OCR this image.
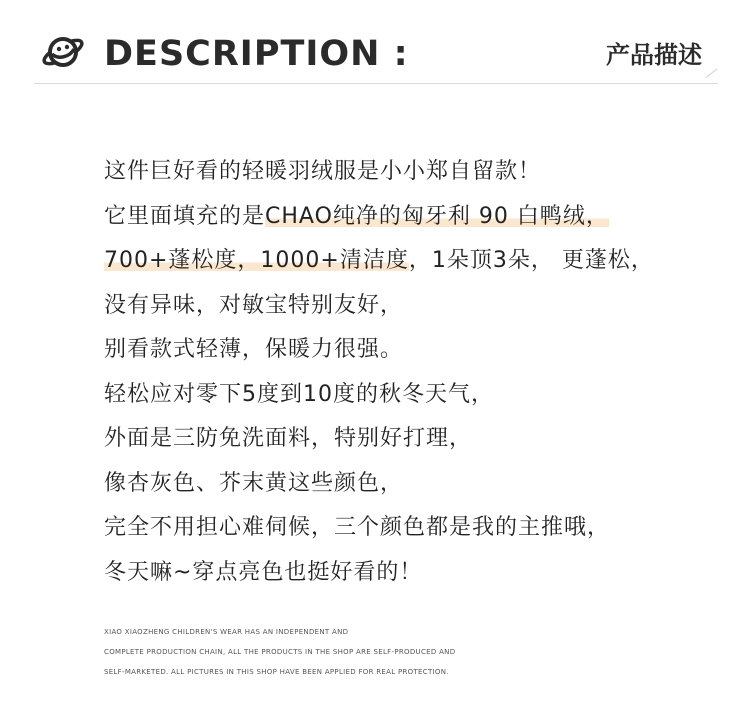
DESCRIPTION :	产品描述
这件巨好看的轻暖羽绒服是小小郑自留款！
它里面填充的是CHAO纯净的匈牙利 90 白鸭绒，
700+蓬松度，1000+清洁度，1朵顶3朵， 更蓬松，
没有异味，对敏宝特别友好，
别看款式轻薄，保暖力很强。
轻松应对零下5度到10度的秋冬天气，
外面是三防免洗面料，特别好打理，
像杏灰色、芥末黄这些颜色，
完全不用担心难伺候，三个颜色都是我的主推哦，
冬天嘛~穿点亮色也挺好看的！
XIAO XIAOZHENG CHILDREN'S WEAR HAS AN INDEPENDENT AND
COMPLETE PRODUCTION CHAIN, ALL THE PRODUCTS IN THE SHOP ARE SELF-PRODUCED AND
SELF-MARKETED. ALL PICTURES IN THIS SHOP HAVE BEEN APPLIED FOR REAL PROTECTION.
